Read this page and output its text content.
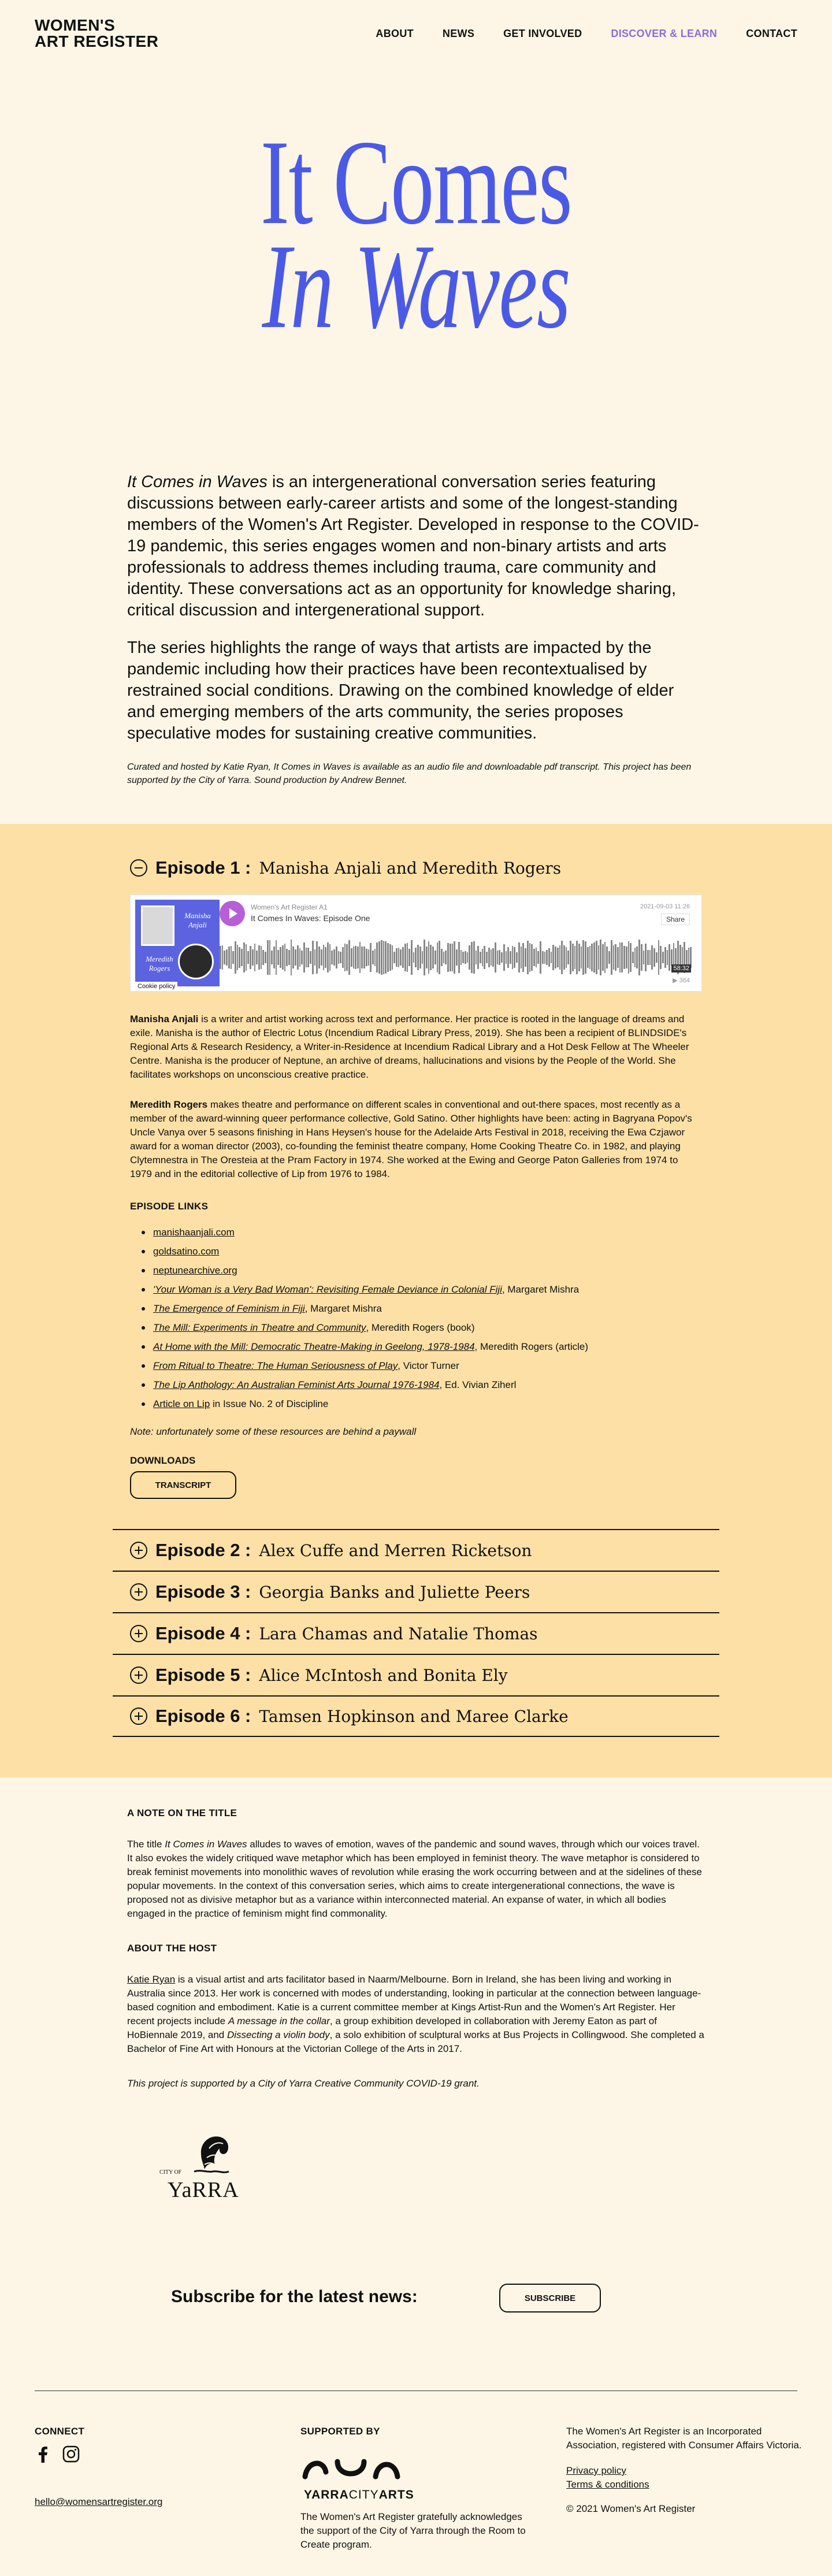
WOMEN'S
ART REGISTER	ABOUT	NEWS	GET INVOLVED	DISCOVER & LEARN	CONTACT
It Comes
In Waves

It Comes in Waves is an intergenerational conversation series featuring discussions between early-career artists and some of the longest-standing members of the Women's Art Register. Developed in response to the COVID-19 pandemic, this series engages women and non-binary artists and arts professionals to address themes including trauma, care community and identity. These conversations act as an opportunity for knowledge sharing, critical discussion and intergenerational support.

The series highlights the range of ways that artists are impacted by the pandemic including how their practices have been recontextualised by restrained social conditions. Drawing on the combined knowledge of elder and emerging members of the arts community, the series proposes speculative modes for sustaining creative communities.

Curated and hosted by Katie Ryan, It Comes in Waves is available as an audio file and downloadable pdf transcript. This project has been supported by the City of Yarra. Sound production by Andrew Bennet.

Episode 1 : Manisha Anjali and Meredith Rogers
Manisha Anjali
Meredith Rogers
Cookie policy
Women's Art Register A1
It Comes In Waves: Episode One
2021-09-03 11:26
Share
58:32
▶ 364

Manisha Anjali is a writer and artist working across text and performance. Her practice is rooted in the language of dreams and exile. Manisha is the author of Electric Lotus (Incendium Radical Library Press, 2019). She has been a recipient of BLINDSIDE's Regional Arts & Research Residency, a Writer-in-Residence at Incendium Radical Library and a Hot Desk Fellow at The Wheeler Centre. Manisha is the producer of Neptune, an archive of dreams, hallucinations and visions by the People of the World. She facilitates workshops on unconscious creative practice.

Meredith Rogers makes theatre and performance on different scales in conventional and out-there spaces, most recently as a member of the award-winning queer performance collective, Gold Satino. Other highlights have been: acting in Bagryana Popov's Uncle Vanya over 5 seasons finishing in Hans Heysen's house for the Adelaide Arts Festival in 2018, receiving the Ewa Czjawor award for a woman director (2003), co-founding the feminist theatre company, Home Cooking Theatre Co. in 1982, and playing Clytemnestra in The Oresteia at the Pram Factory in 1974. She worked at the Ewing and George Paton Galleries from 1974 to 1979 and in the editorial collective of Lip from 1976 to 1984.

EPISODE LINKS
manishaanjali.com
goldsatino.com
neptunearchive.org
'Your Woman is a Very Bad Woman': Revisiting Female Deviance in Colonial Fiji, Margaret Mishra
The Emergence of Feminism in Fiji, Margaret Mishra
The Mill: Experiments in Theatre and Community, Meredith Rogers (book)
At Home with the Mill: Democratic Theatre-Making in Geelong, 1978-1984, Meredith Rogers (article)
From Ritual to Theatre: The Human Seriousness of Play, Victor Turner
The Lip Anthology: An Australian Feminist Arts Journal 1976-1984, Ed. Vivian Ziherl
Article on Lip in Issue No. 2 of Discipline

Note: unfortunately some of these resources are behind a paywall

DOWNLOADS
TRANSCRIPT
Episode 2 : Alex Cuffe and Merren Ricketson
Episode 3 : Georgia Banks and Juliette Peers
Episode 4 : Lara Chamas and Natalie Thomas
Episode 5 : Alice McIntosh and Bonita Ely
Episode 6 : Tamsen Hopkinson and Maree Clarke
A NOTE ON THE TITLE

The title It Comes in Waves alludes to waves of emotion, waves of the pandemic and sound waves, through which our voices travel. It also evokes the widely critiqued wave metaphor which has been employed in feminist theory. The wave metaphor is considered to break feminist movements into monolithic waves of revolution while erasing the work occurring between and at the sidelines of these popular movements. In the context of this conversation series, which aims to create intergenerational connections, the wave is proposed not as divisive metaphor but as a variance within interconnected material. An expanse of water, in which all bodies engaged in the practice of feminism might find commonality.

ABOUT THE HOST

Katie Ryan is a visual artist and arts facilitator based in Naarm/Melbourne. Born in Ireland, she has been living and working in Australia since 2013. Her work is concerned with modes of understanding, looking in particular at the connection between language-based cognition and embodiment. Katie is a current committee member at Kings Artist-Run and the Women's Art Register. Her recent projects include A message in the collar, a group exhibition developed in collaboration with Jeremy Eaton as part of HoBiennale 2019, and Dissecting a violin body, a solo exhibition of sculptural works at Bus Projects in Collingwood. She completed a Bachelor of Fine Art with Honours at the Victorian College of the Arts in 2017.

This project is supported by a City of Yarra Creative Community COVID-19 grant.

CITY OF
YaRRA
Subscribe for the latest news:	SUBSCRIBE
CONNECT
hello@womensartregister.org
SUPPORTED BY
YARRACITYARTS

The Women's Art Register gratefully acknowledges the support of the City of Yarra through the Room to Create program.

The Women's Art Register is an Incorporated Association, registered with Consumer Affairs Victoria.

Privacy policy
Terms & conditions

© 2021 Women's Art Register
